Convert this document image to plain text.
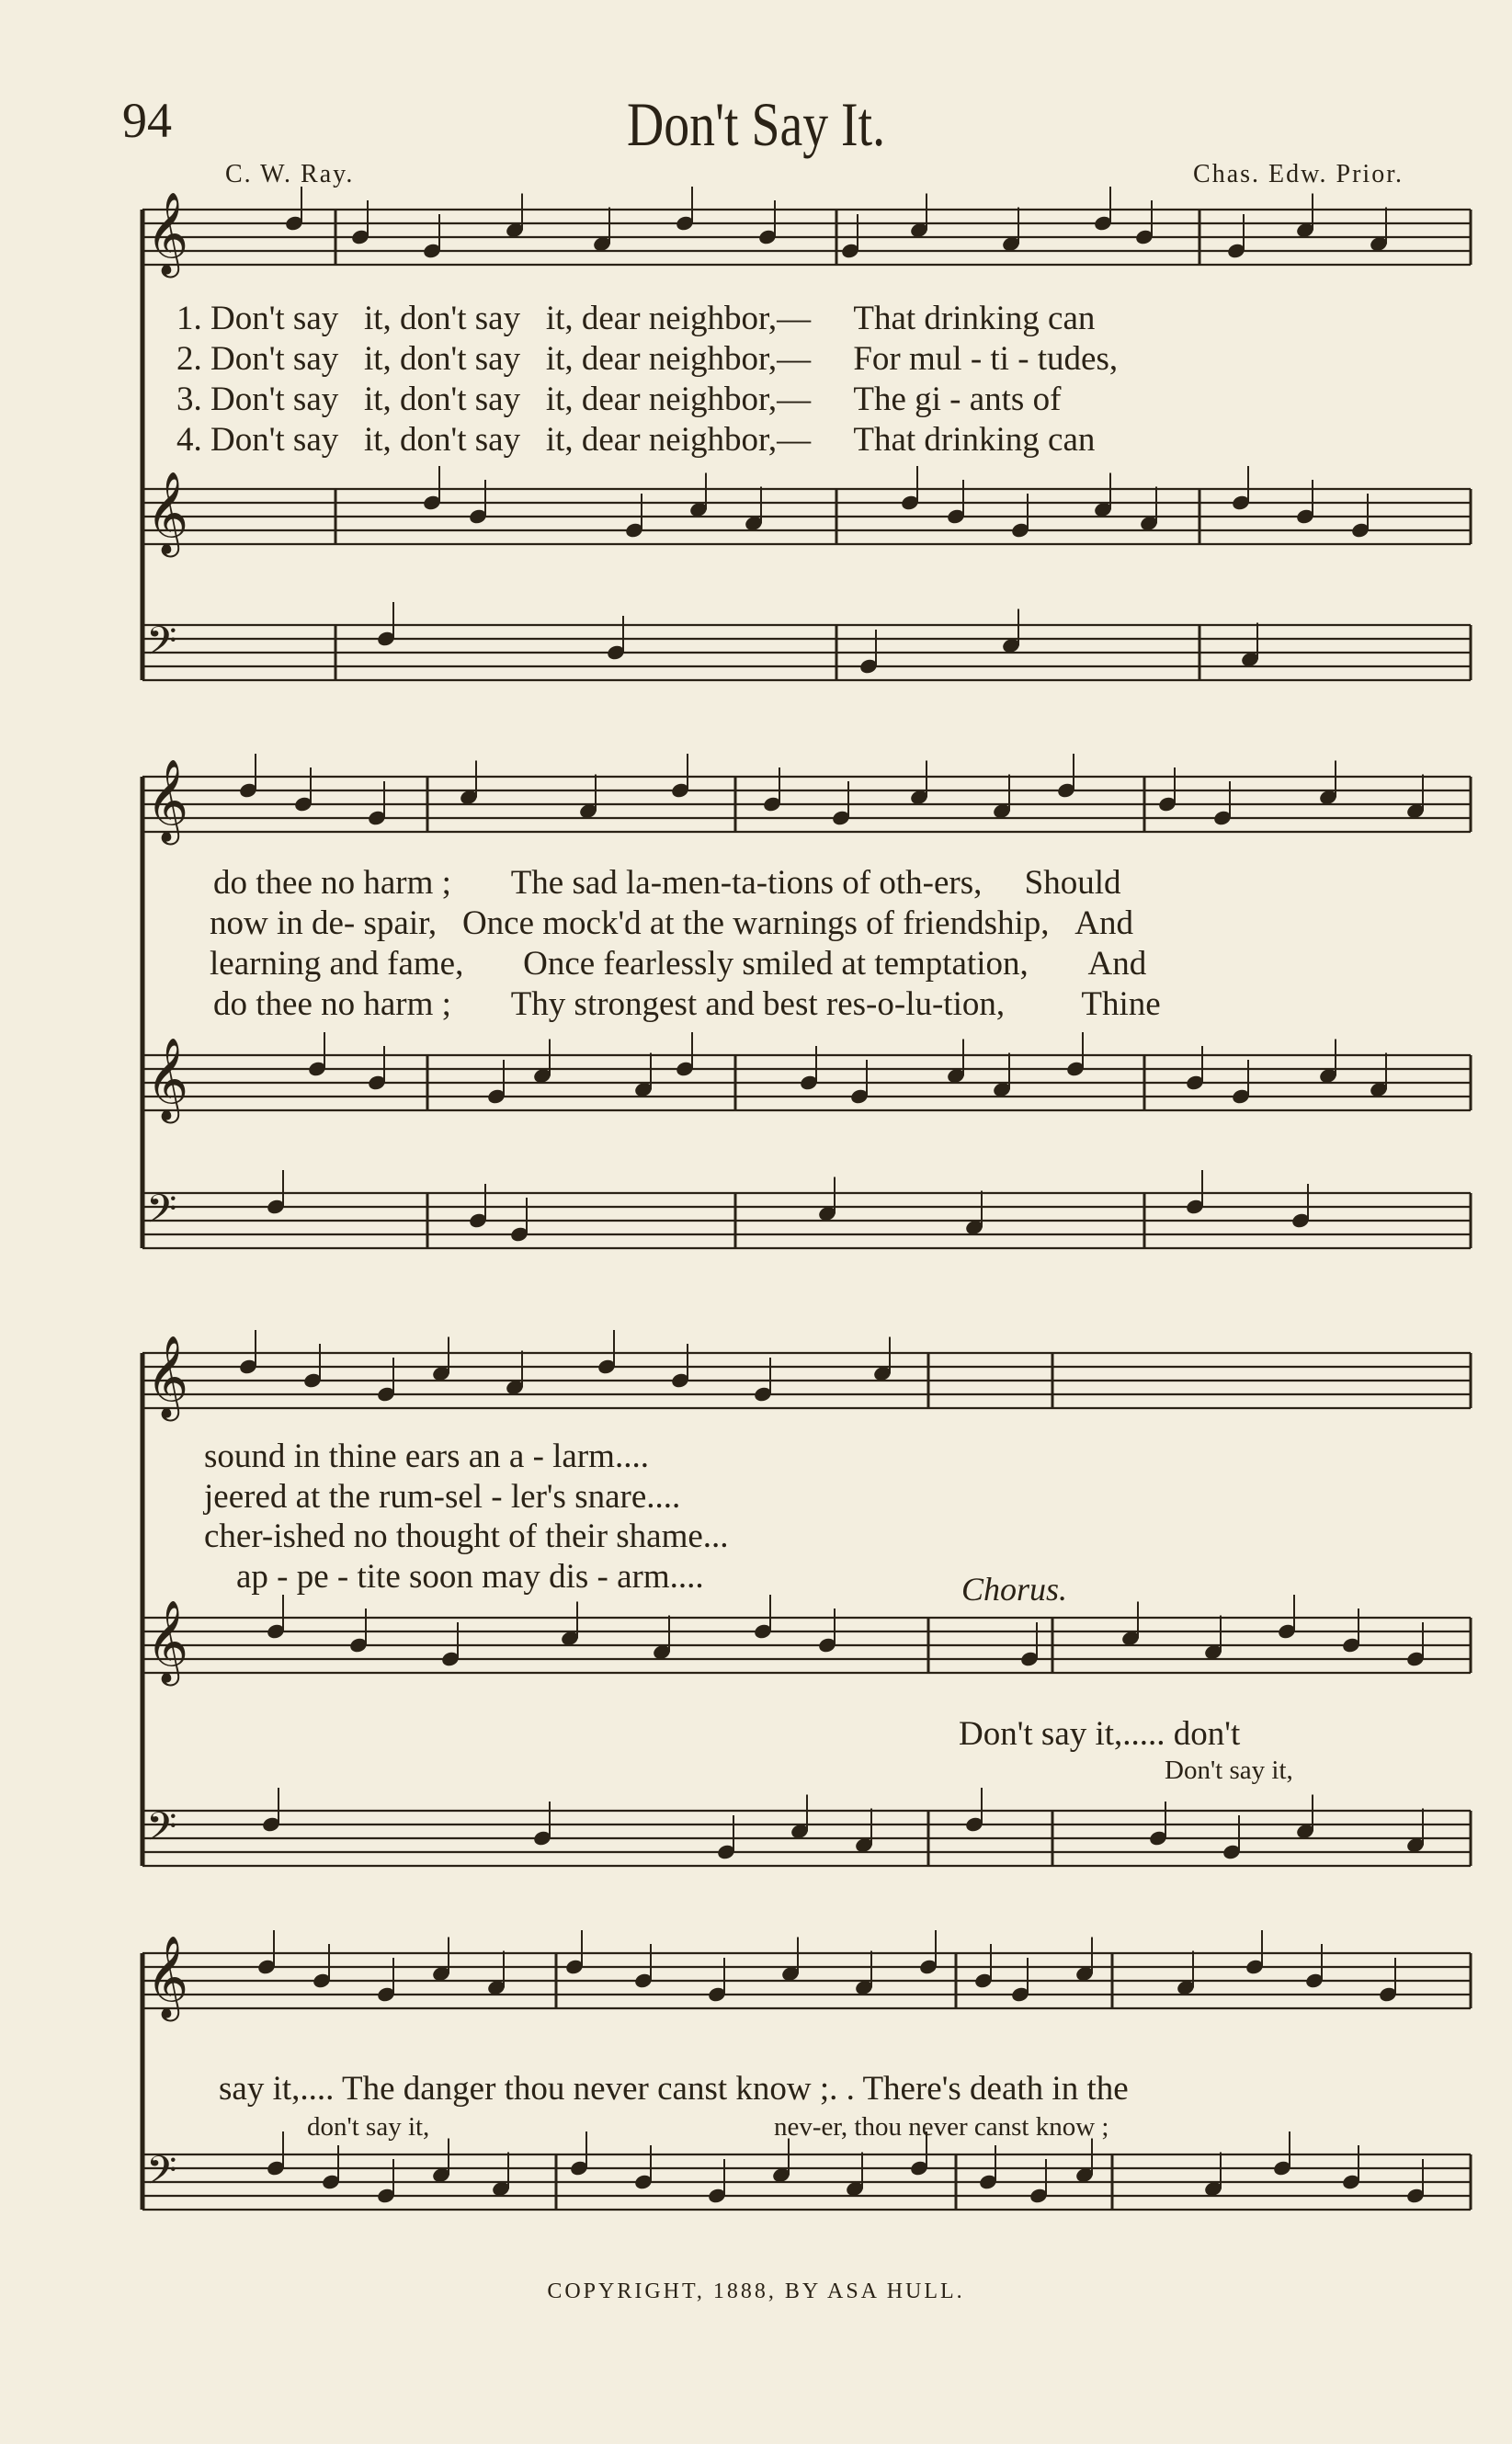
94	Don't Say It.
C. W. Ray.	Chas. Edw. Prior.
𝄞
𝄞
𝄢
𝄞
𝄞
𝄢
𝄞
𝄞
𝄢
𝄞
𝄢
1. Don't say it, don't say it, dear neighbor,— That drinking can
2. Don't say it, don't say it, dear neighbor,— For mul - ti - tudes,
3. Don't say it, don't say it, dear neighbor,— The gi - ants of
4. Don't say it, don't say it, dear neighbor,— That drinking can
do thee no harm ; The sad la-men-ta-tions of oth-ers, Should
now in de- spair, Once mock'd at the warnings of friendship, And
learning and fame, Once fearlessly smiled at temptation, And
do thee no harm ; Thy strongest and best res-o-lu-tion, Thine
sound in thine ears an a - larm....
jeered at the rum-sel - ler's snare....
cher-ished no thought of their shame...
ap - pe - tite soon may dis - arm....	Chorus.
Don't say it,..... don't
Don't say it,
say it,.... The danger thou never canst know ;. . There's death in the
don't say it,	nev-er, thou never canst know ;
COPYRIGHT, 1888, BY ASA HULL.
